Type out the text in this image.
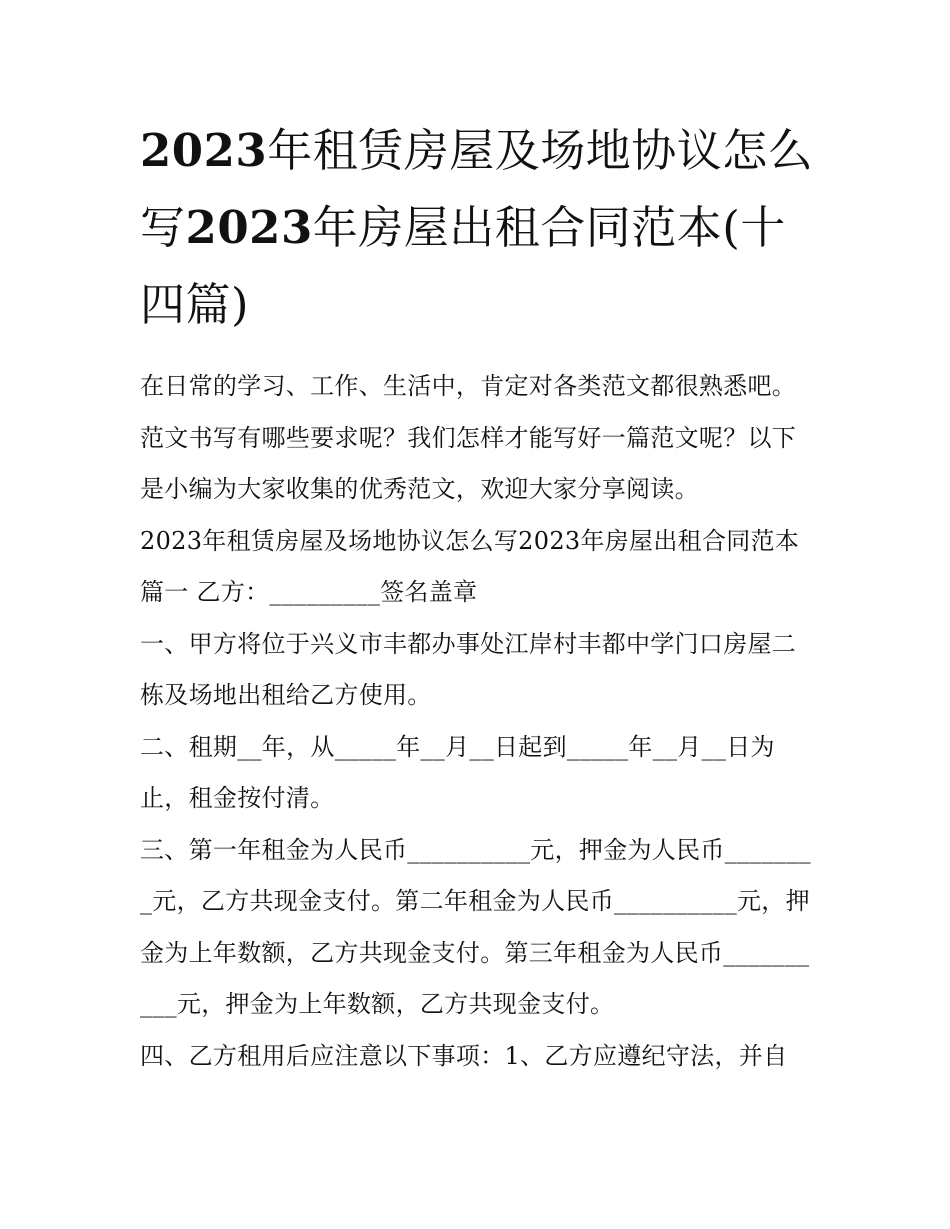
2023年租赁房屋及场地协议怎么写2023年房屋出租合同范本(十四篇)

在日常的学习、工作、生活中，肯定对各类范文都很熟悉吧。范文书写有哪些要求呢？我们怎样才能写好一篇范文呢？以下是小编为大家收集的优秀范文，欢迎大家分享阅读。

2023年租赁房屋及场地协议怎么写2023年房屋出租合同范本篇一 乙方：_________签名盖章

一、甲方将位于兴义市丰都办事处江岸村丰都中学门口房屋二栋及场地出租给乙方使用。

二、租期__年，从_____年__月__日起到_____年__月__日为止，租金按付清。

三、第一年租金为人民币__________元，押金为人民币________元，乙方共现金支付。第二年租金为人民币__________元，押金为上年数额，乙方共现金支付。第三年租金为人民币__________元，押金为上年数额，乙方共现金支付。

四、乙方租用后应注意以下事项：1、乙方应遵纪守法，并自
